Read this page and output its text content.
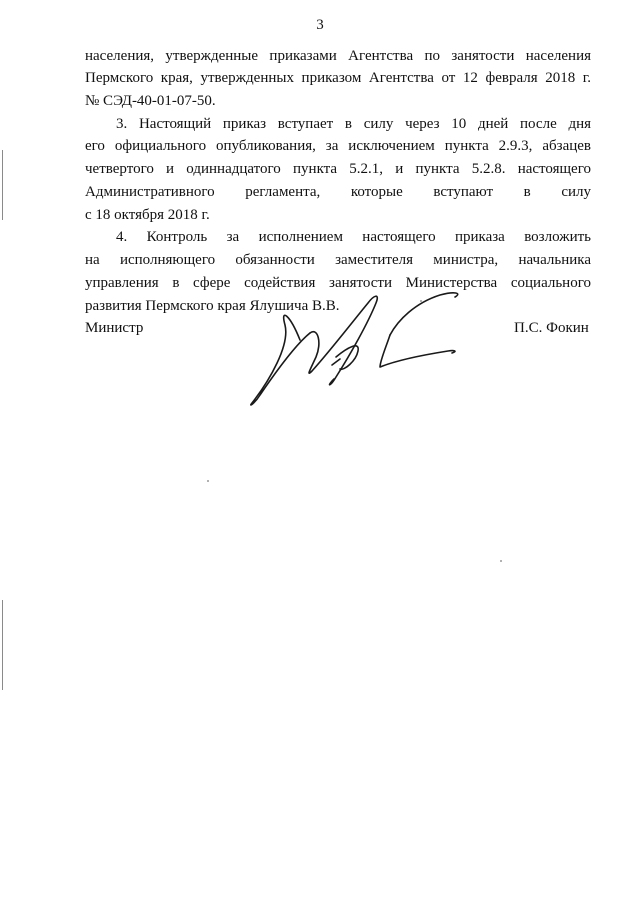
3
населения, утвержденные приказами Агентства по занятости населения
Пермского края, утвержденных приказом Агентства от 12 февраля 2018 г.
№ СЭД-40-01-07-50.
3. Настоящий приказ вступает в силу через 10 дней после дня
его официального опубликования, за исключением пункта 2.9.3, абзацев
четвертого и одиннадцатого пункта 5.2.1, и пункта 5.2.8. настоящего
Административного регламента, которые вступают в силу
с 18 октября 2018 г.
4. Контроль за исполнением настоящего приказа возложить
на исполняющего обязанности заместителя министра, начальника
управления в сфере содействия занятости Министерства социального
развития Пермского края Ялушича В.В.
Министр	П.С. Фокин
